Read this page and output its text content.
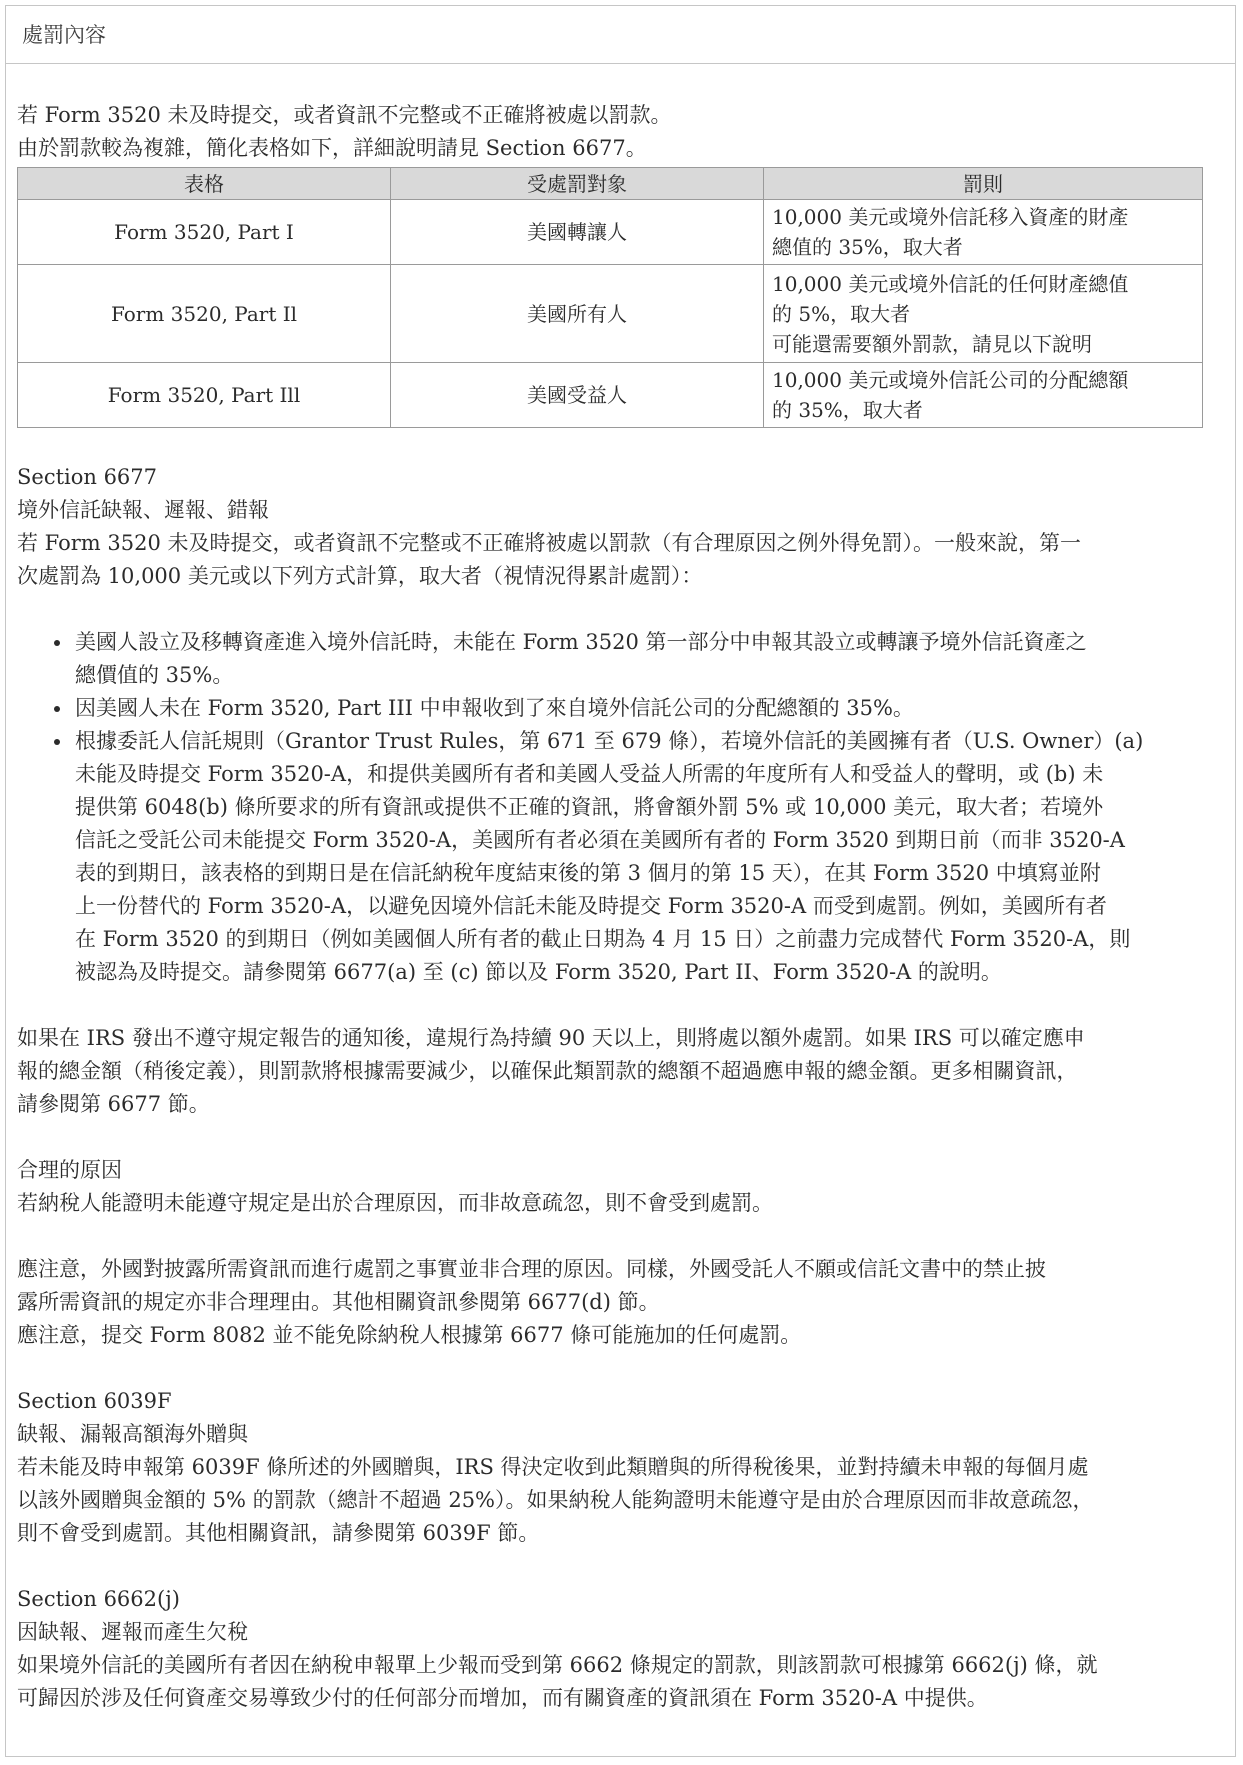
處罰內容

若 Form 3520 未及時提交，或者資訊不完整或不正確將被處以罰款。

由於罰款較為複雜，簡化表格如下，詳細說明請見 Section 6677。

表格	受處罰對象	罰則
Form 3520, Part I	美國轉讓人	10,000 美元或境外信託移入資產的財產
總值的 35%，取大者

Form 3520, Part Il	美國所有人	10,000 美元或境外信託的任何財產總值
的 5%，取大者
可能還需要額外罰款，請見以下說明

Form 3520, Part Ill	美國受益人	10,000 美元或境外信託公司的分配總額
的 35%，取大者

Section 6677

境外信託缺報、遲報、錯報

若 Form 3520 未及時提交，或者資訊不完整或不正確將被處以罰款（有合理原因之例外得免罰）。一般來說，第一

次處罰為 10,000 美元或以下列方式計算，取大者（視情況得累計處罰）：

• 美國人設立及移轉資產進入境外信託時，未能在 Form 3520 第一部分中申報其設立或轉讓予境外信託資產之
總價值的 35%。
• 因美國人未在 Form 3520, Part III 中申報收到了來自境外信託公司的分配總額的 35%。
• 根據委託人信託規則（Grantor Trust Rules，第 671 至 679 條），若境外信託的美國擁有者（U.S. Owner）(a)
未能及時提交 Form 3520-A，和提供美國所有者和美國人受益人所需的年度所有人和受益人的聲明，或 (b) 未
提供第 6048(b) 條所要求的所有資訊或提供不正確的資訊，將會額外罰 5% 或 10,000 美元，取大者；若境外
信託之受託公司未能提交 Form 3520-A，美國所有者必須在美國所有者的 Form 3520 到期日前（而非 3520-A
表的到期日，該表格的到期日是在信託納稅年度結束後的第 3 個月的第 15 天），在其 Form 3520 中填寫並附
上一份替代的 Form 3520-A，以避免因境外信託未能及時提交 Form 3520-A 而受到處罰。例如，美國所有者
在 Form 3520 的到期日（例如美國個人所有者的截止日期為 4 月 15 日）之前盡力完成替代 Form 3520-A，則
被認為及時提交。請參閱第 6677(a) 至 (c) 節以及 Form 3520, Part II、Form 3520-A 的說明。

如果在 IRS 發出不遵守規定報告的通知後，違規行為持續 90 天以上，則將處以額外處罰。如果 IRS 可以確定應申

報的總金額（稍後定義），則罰款將根據需要減少，以確保此類罰款的總額不超過應申報的總金額。更多相關資訊，

請參閱第 6677 節。

合理的原因

若納稅人能證明未能遵守規定是出於合理原因，而非故意疏忽，則不會受到處罰。

應注意，外國對披露所需資訊而進行處罰之事實並非合理的原因。同樣，外國受託人不願或信託文書中的禁止披

露所需資訊的規定亦非合理理由。其他相關資訊參閱第 6677(d) 節。

應注意，提交 Form 8082 並不能免除納稅人根據第 6677 條可能施加的任何處罰。

Section 6039F

缺報、漏報高額海外贈與

若未能及時申報第 6039F 條所述的外國贈與，IRS 得決定收到此類贈與的所得稅後果，並對持續未申報的每個月處

以該外國贈與金額的 5% 的罰款（總計不超過 25%）。如果納稅人能夠證明未能遵守是由於合理原因而非故意疏忽，

則不會受到處罰。其他相關資訊，請參閱第 6039F 節。

Section 6662(j)

因缺報、遲報而產生欠稅

如果境外信託的美國所有者因在納稅申報單上少報而受到第 6662 條規定的罰款，則該罰款可根據第 6662(j) 條，就

可歸因於涉及任何資產交易導致少付的任何部分而增加，而有關資產的資訊須在 Form 3520-A 中提供。
